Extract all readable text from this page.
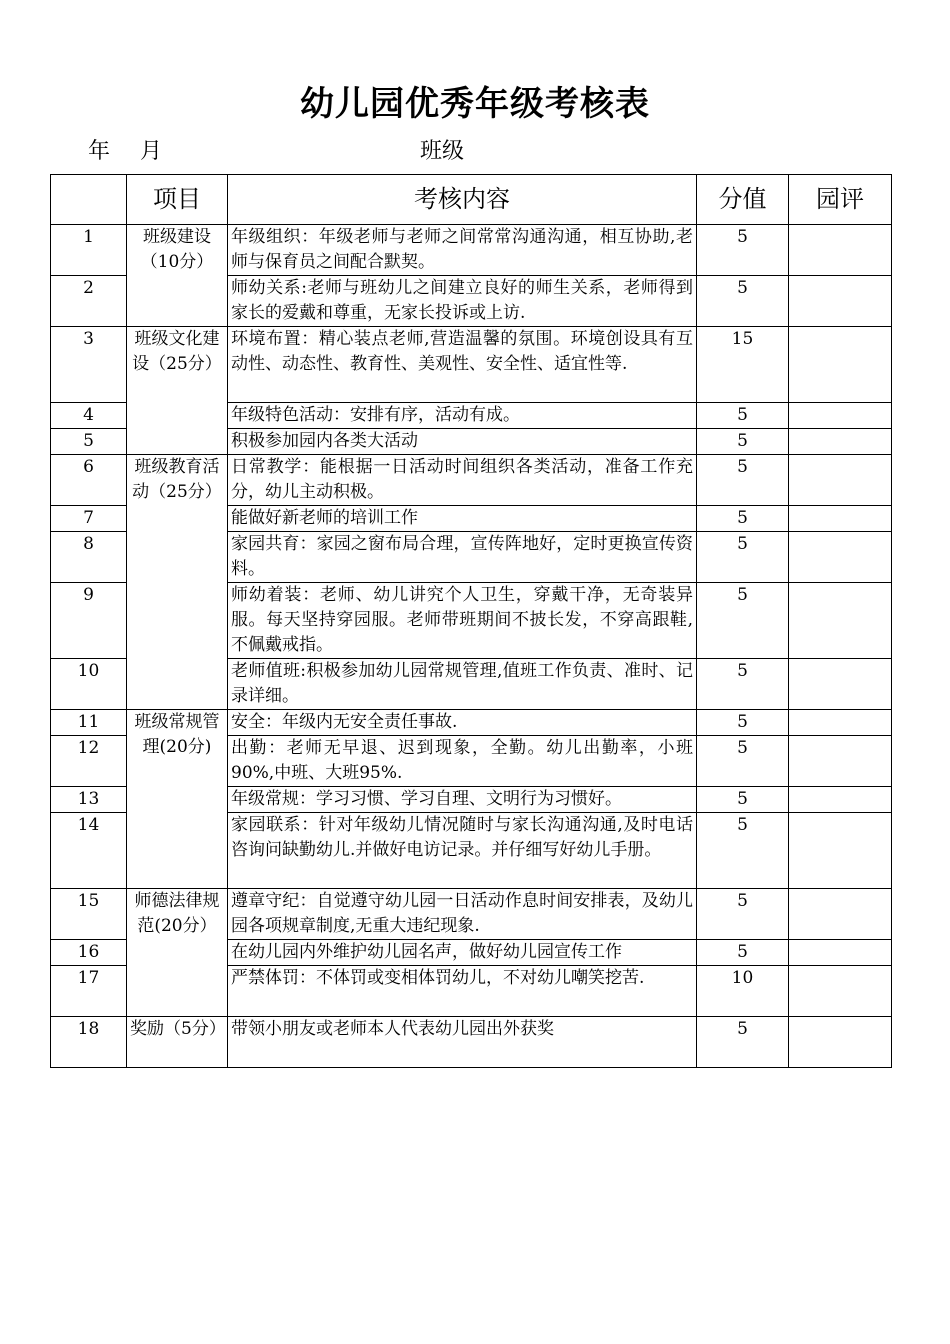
幼儿园优秀年级考核表
年 月	班级
	项目	考核内容	分值	园评
1	班级建设（10分）	年级组织：年级老师与老师之间常常沟通沟通，相互协助,老师与保育员之间配合默契。	5	
2		师幼关系:老师与班幼儿之间建立良好的师生关系，老师得到家长的爱戴和尊重，无家长投诉或上访.	5	
3	班级文化建设（25分）	环境布置：精心装点老师,营造温馨的氛围。环境创设具有互动性、动态性、教育性、美观性、安全性、适宜性等.	15	
4		年级特色活动：安排有序，活动有成。	5	
5		积极参加园内各类大活动	5	
6	班级教育活动（25分）	日常教学：能根据一日活动时间组织各类活动，准备工作充分，幼儿主动积极。	5	
7		能做好新老师的培训工作	5	
8		家园共育：家园之窗布局合理，宣传阵地好，定时更换宣传资料。	5	
9		师幼着装：老师、幼儿讲究个人卫生，穿戴干净，无奇装异服。每天坚持穿园服。老师带班期间不披长发，不穿高跟鞋,不佩戴戒指。	5	
10		老师值班:积极参加幼儿园常规管理,值班工作负责、准时、记录详细。	5	
11	班级常规管理(20分)	安全：年级内无安全责任事故.	5	
12		出勤：老师无早退、迟到现象，全勤。幼儿出勤率，小班90%,中班、大班95%.	5	
13		年级常规：学习习惯、学习自理、文明行为习惯好。	5	
14		家园联系：针对年级幼儿情况随时与家长沟通沟通,及时电话咨询问缺勤幼儿.并做好电访记录。并仔细写好幼儿手册。	5	
15	师德法律规范(20分）	遵章守纪：自觉遵守幼儿园一日活动作息时间安排表，及幼儿园各项规章制度,无重大违纪现象.	5	
16		在幼儿园内外维护幼儿园名声，做好幼儿园宣传工作	5	
17		严禁体罚：不体罚或变相体罚幼儿，不对幼儿嘲笑挖苦.	10	
18	奖励（5分）	带领小朋友或老师本人代表幼儿园出外获奖	5	
